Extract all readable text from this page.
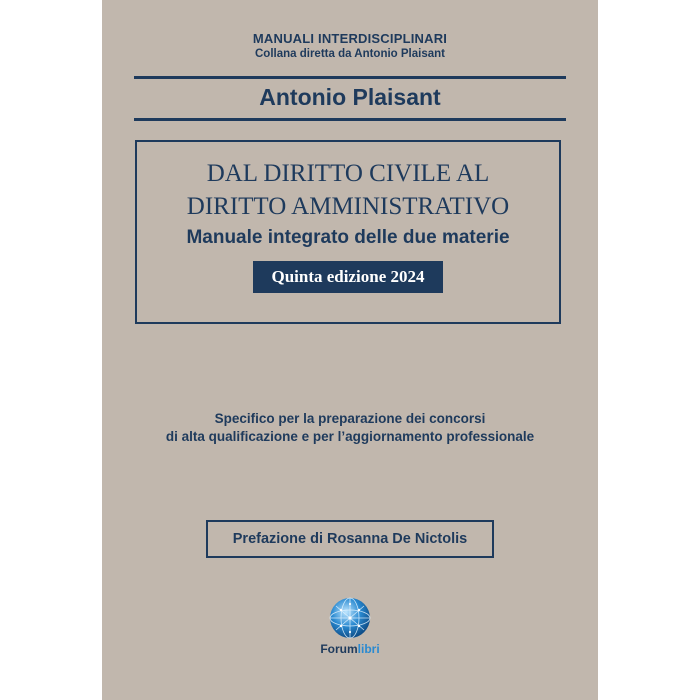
MANUALI INTERDISCIPLINARI
Collana diretta da Antonio Plaisant
Antonio Plaisant
DAL DIRITTO CIVILE AL
DIRITTO AMMINISTRATIVO
Manuale integrato delle due materie
Quinta edizione 2024
Specifico per la preparazione dei concorsi
di alta qualificazione e per l’aggiornamento professionale
Prefazione di Rosanna De Nictolis
Forumlibri
